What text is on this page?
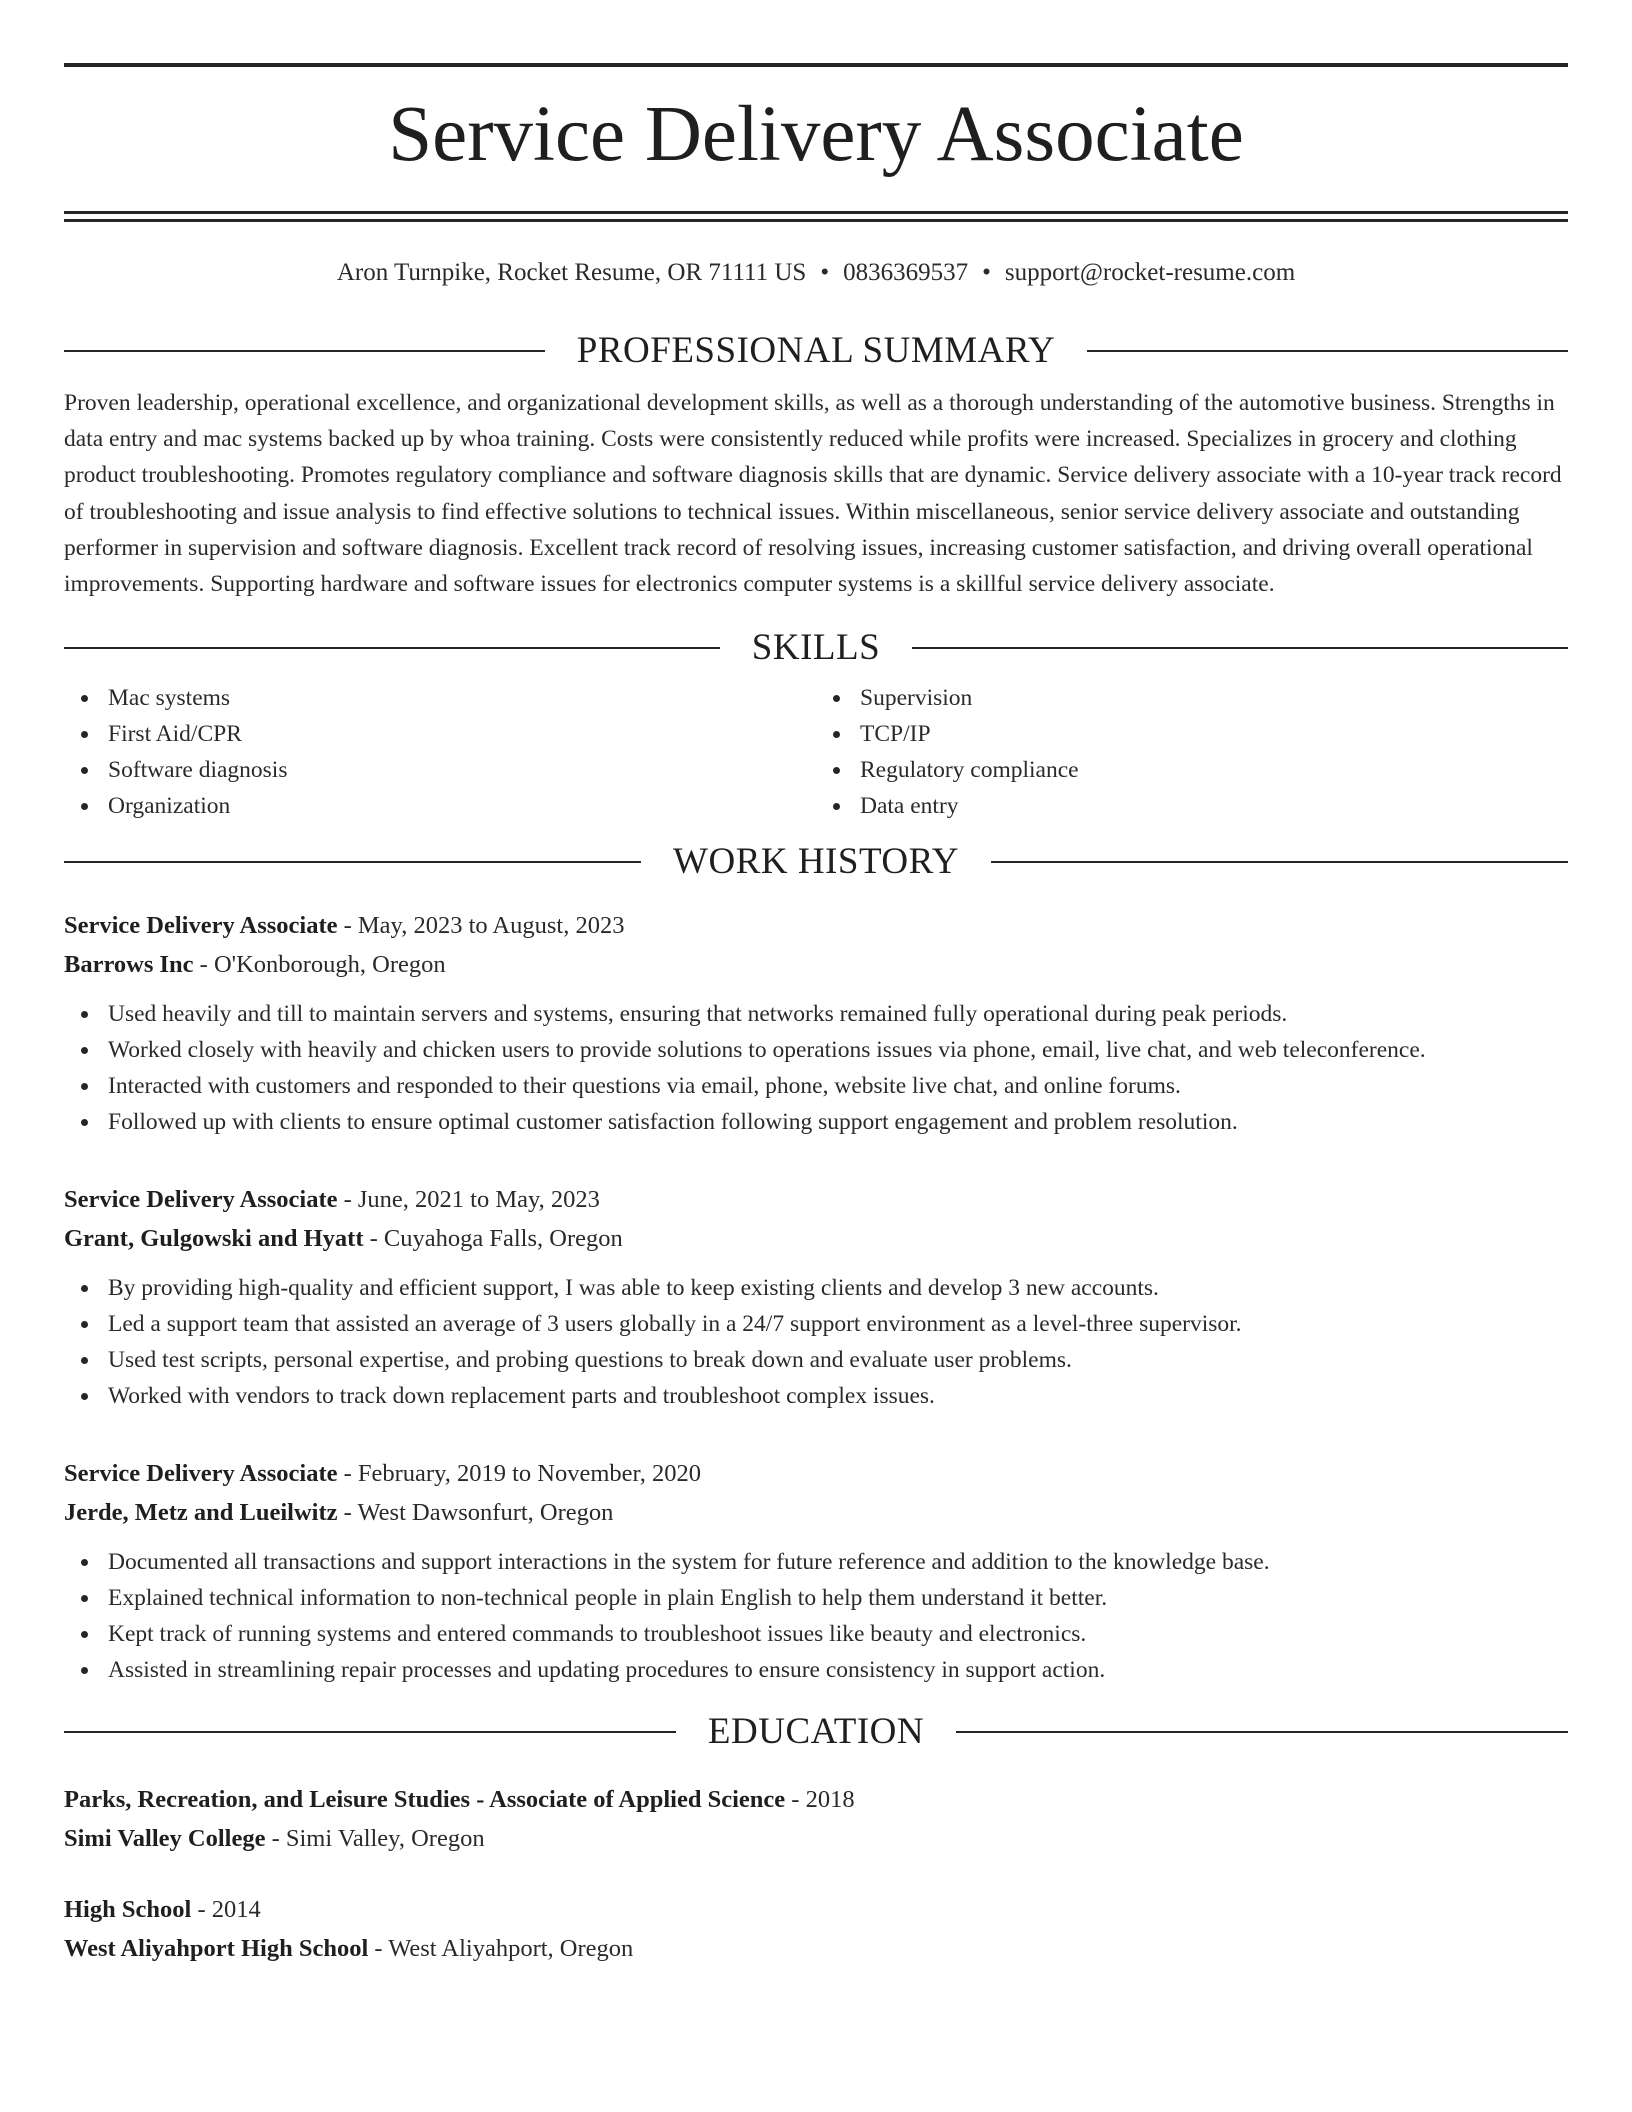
Service Delivery Associate
Aron Turnpike, Rocket Resume, OR 71111 US • 0836369537 • support@rocket-resume.com
PROFESSIONAL SUMMARY

Proven leadership, operational excellence, and organizational development skills, as well as a thorough understanding of the automotive business. Strengths in data entry and mac systems backed up by whoa training. Costs were consistently reduced while profits were increased. Specializes in grocery and clothing product troubleshooting. Promotes regulatory compliance and software diagnosis skills that are dynamic. Service delivery associate with a 10-year track record of troubleshooting and issue analysis to find effective solutions to technical issues. Within miscellaneous, senior service delivery associate and outstanding performer in supervision and software diagnosis. Excellent track record of resolving issues, increasing customer satisfaction, and driving overall operational improvements. Supporting hardware and software issues for electronics computer systems is a skillful service delivery associate.

SKILLS
Mac systems
First Aid/CPR
Software diagnosis
Organization
Supervision
TCP/IP
Regulatory compliance
Data entry
WORK HISTORY
Service Delivery Associate - May, 2023 to August, 2023
Barrows Inc - O'Konborough, Oregon
Used heavily and till to maintain servers and systems, ensuring that networks remained fully operational during peak periods.
Worked closely with heavily and chicken users to provide solutions to operations issues via phone, email, live chat, and web teleconference.
Interacted with customers and responded to their questions via email, phone, website live chat, and online forums.
Followed up with clients to ensure optimal customer satisfaction following support engagement and problem resolution.
Service Delivery Associate - June, 2021 to May, 2023
Grant, Gulgowski and Hyatt - Cuyahoga Falls, Oregon
By providing high-quality and efficient support, I was able to keep existing clients and develop 3 new accounts.
Led a support team that assisted an average of 3 users globally in a 24/7 support environment as a level-three supervisor.
Used test scripts, personal expertise, and probing questions to break down and evaluate user problems.
Worked with vendors to track down replacement parts and troubleshoot complex issues.
Service Delivery Associate - February, 2019 to November, 2020
Jerde, Metz and Lueilwitz - West Dawsonfurt, Oregon
Documented all transactions and support interactions in the system for future reference and addition to the knowledge base.
Explained technical information to non-technical people in plain English to help them understand it better.
Kept track of running systems and entered commands to troubleshoot issues like beauty and electronics.
Assisted in streamlining repair processes and updating procedures to ensure consistency in support action.
EDUCATION
Parks, Recreation, and Leisure Studies - Associate of Applied Science - 2018
Simi Valley College - Simi Valley, Oregon
High School - 2014
West Aliyahport High School - West Aliyahport, Oregon
